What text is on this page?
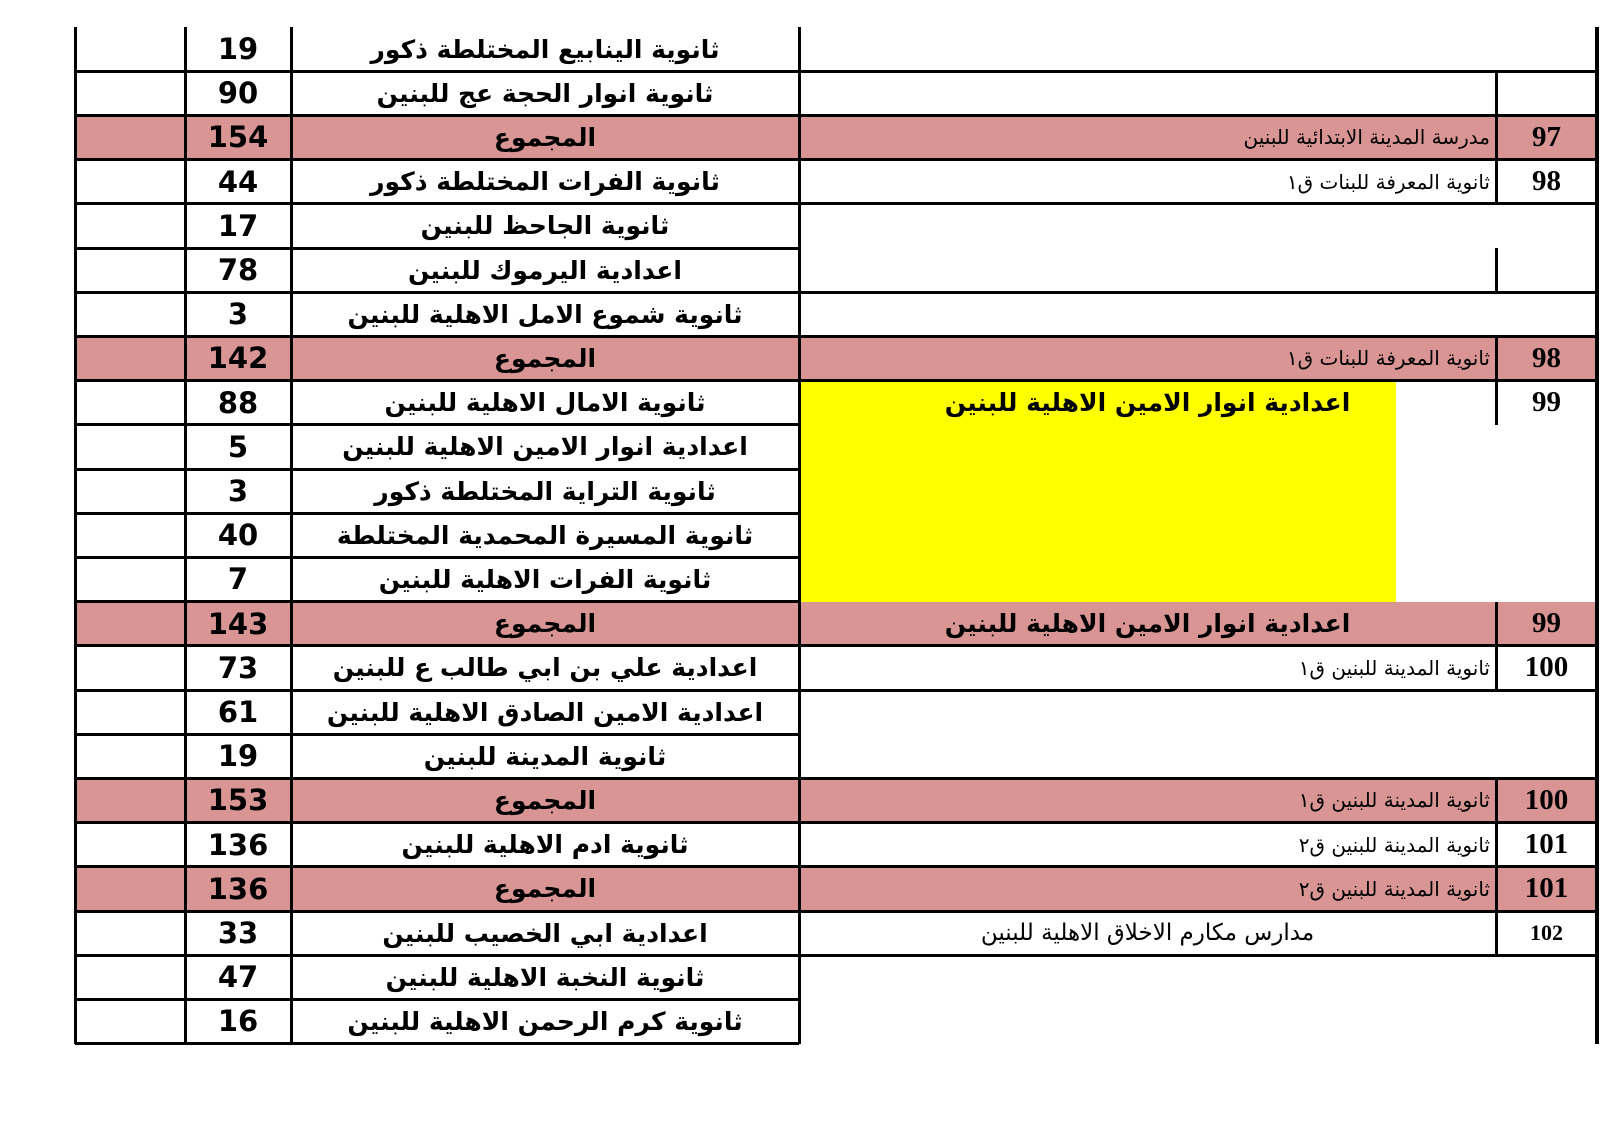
19	ثانوية الينابيع المختلطة ذكور
90	ثانوية انوار الحجة عج للبنين
154	المجموع	مدرسة المدينة الابتدائية للبنين	97
44	ثانوية الفرات المختلطة ذكور	ثانوية المعرفة للبنات ق١	98
17	ثانوية الجاحظ للبنين
78	اعدادية اليرموك للبنين
3	ثانوية شموع الامل الاهلية للبنين
142	المجموع	ثانوية المعرفة للبنات ق١	98
88	ثانوية الامال الاهلية للبنين	اعدادية انوار الامين الاهلية للبنين	99
5	اعدادية انوار الامين الاهلية للبنين
3	ثانوية التراية المختلطة ذكور
40	ثانوية المسيرة المحمدية المختلطة
7	ثانوية الفرات الاهلية للبنين
143	المجموع	اعدادية انوار الامين الاهلية للبنين	99
73	اعدادية علي بن ابي طالب ع للبنين	ثانوية المدينة للبنين ق١	100
61	اعدادية الامين الصادق الاهلية للبنين
19	ثانوية المدينة للبنين
153	المجموع	ثانوية المدينة للبنين ق١	100
136	ثانوية ادم الاهلية للبنين	ثانوية المدينة للبنين ق٢	101
136	المجموع	ثانوية المدينة للبنين ق٢	101
33	اعدادية ابي الخصيب للبنين	مدارس مكارم الاخلاق الاهلية للبنين	102
47	ثانوية النخبة الاهلية للبنين
16	ثانوية كرم الرحمن الاهلية للبنين
